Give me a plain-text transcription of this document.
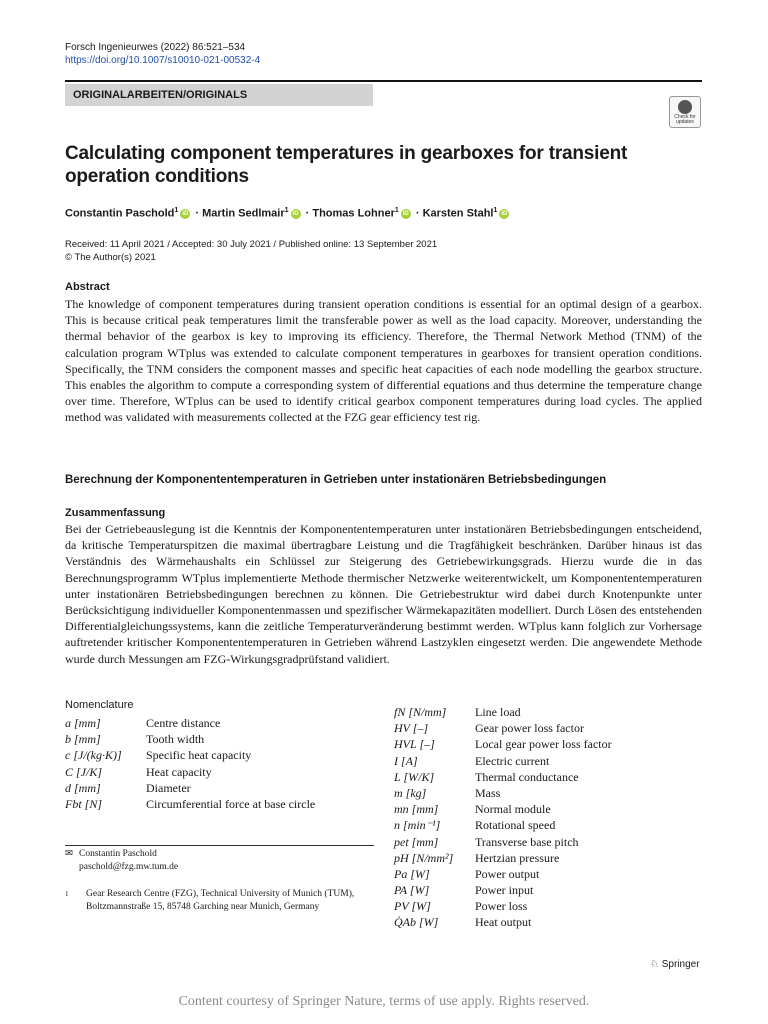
Forsch Ingenieurwes (2022) 86:521–534
https://doi.org/10.1007/s10010-021-00532-4
ORIGINALARBEITEN/ORIGINALS
Check for updates
Calculating component temperatures in gearboxes for transient operation conditions
Constantin Paschold$^1$ iD · Martin Sedlmair$^1$ iD · Thomas Lohner$^1$ iD · Karsten Stahl$^1$ iD
Received: 11 April 2021 / Accepted: 30 July 2021 / Published online: 13 September 2021
© The Author(s) 2021
Abstract
The knowledge of component temperatures during transient operation conditions is essential for an optimal design of a gearbox. This is because critical peak temperatures limit the transferable power as well as the load capacity. Moreover, understanding the thermal behavior of the gearbox is key to improving its efficiency. Therefore, the Thermal Network Method (TNM) of the calculation program WTplus was extended to calculate component temperatures in gearboxes for transient operation conditions. Specifically, the TNM considers the component masses and specific heat capacities of each node modelling the gearbox structure. This enables the algorithm to compute a corresponding system of differential equations and thus determine the temperature change over time. Therefore, WTplus can be used to identify critical gearbox component temperatures during load cycles. The applied method was validated with measurements collected at the FZG gear efficiency test rig.
Berechnung der Komponententemperaturen in Getrieben unter instationären Betriebsbedingungen
Zusammenfassung
Bei der Getriebeauslegung ist die Kenntnis der Komponententemperaturen unter instationären Betriebsbedingungen entscheidend, da kritische Temperaturspitzen die maximal übertragbare Leistung und die Tragfähigkeit beschränken. Darüber hinaus ist das Verständnis des Wärmehaushalts ein Schlüssel zur Steigerung des Getriebewirkungsgrads. Hierzu wurde die in das Berechnungsprogramm WTplus implementierte Methode thermischer Netzwerke weiterentwickelt, um Komponententemperaturen unter instationären Betriebsbedingungen berechnen zu können. Die Getriebestruktur wird dabei durch Knotenpunkte unter Berücksichtigung individueller Komponentenmassen und spezifischer Wärmekapazitäten modelliert. Durch Lösen des entstehenden Differentialgleichungssystems, kann die zeitliche Temperaturveränderung bestimmt werden. WTplus kann folglich zur Vorhersage auftretender kritischer Komponententemperaturen in Getrieben während Lastzyklen eingesetzt werden. Die angewendete Methode wurde durch Messungen am FZG-Wirkungsgradprüfstand validiert.
Nomenclature
a [mm]	Centre distance
b [mm]	Tooth width
c [J/(kg·K)]	Specific heat capacity
C [J/K]	Heat capacity
d [mm]	Diameter
Fbt [N]	Circumferential force at base circle
fN [N/mm]	Line load
HV [–]	Gear power loss factor
HVL [–]	Local gear power loss factor
I [A]	Electric current
L [W/K]	Thermal conductance
m [kg]	Mass
mn [mm]	Normal module
n [min⁻¹]	Rotational speed
pet [mm]	Transverse base pitch
pH [N/mm²]	Hertzian pressure
Pa [W]	Power output
PA [W]	Power input
PV [W]	Power loss
Q̇Ab [W]	Heat output
✉ Constantin Paschold
paschold@fzg.mw.tum.de
1 Gear Research Centre (FZG), Technical University of Munich (TUM), Boltzmannstraße 15, 85748 Garching near Munich, Germany
♘ Springer
Content courtesy of Springer Nature, terms of use apply. Rights reserved.
